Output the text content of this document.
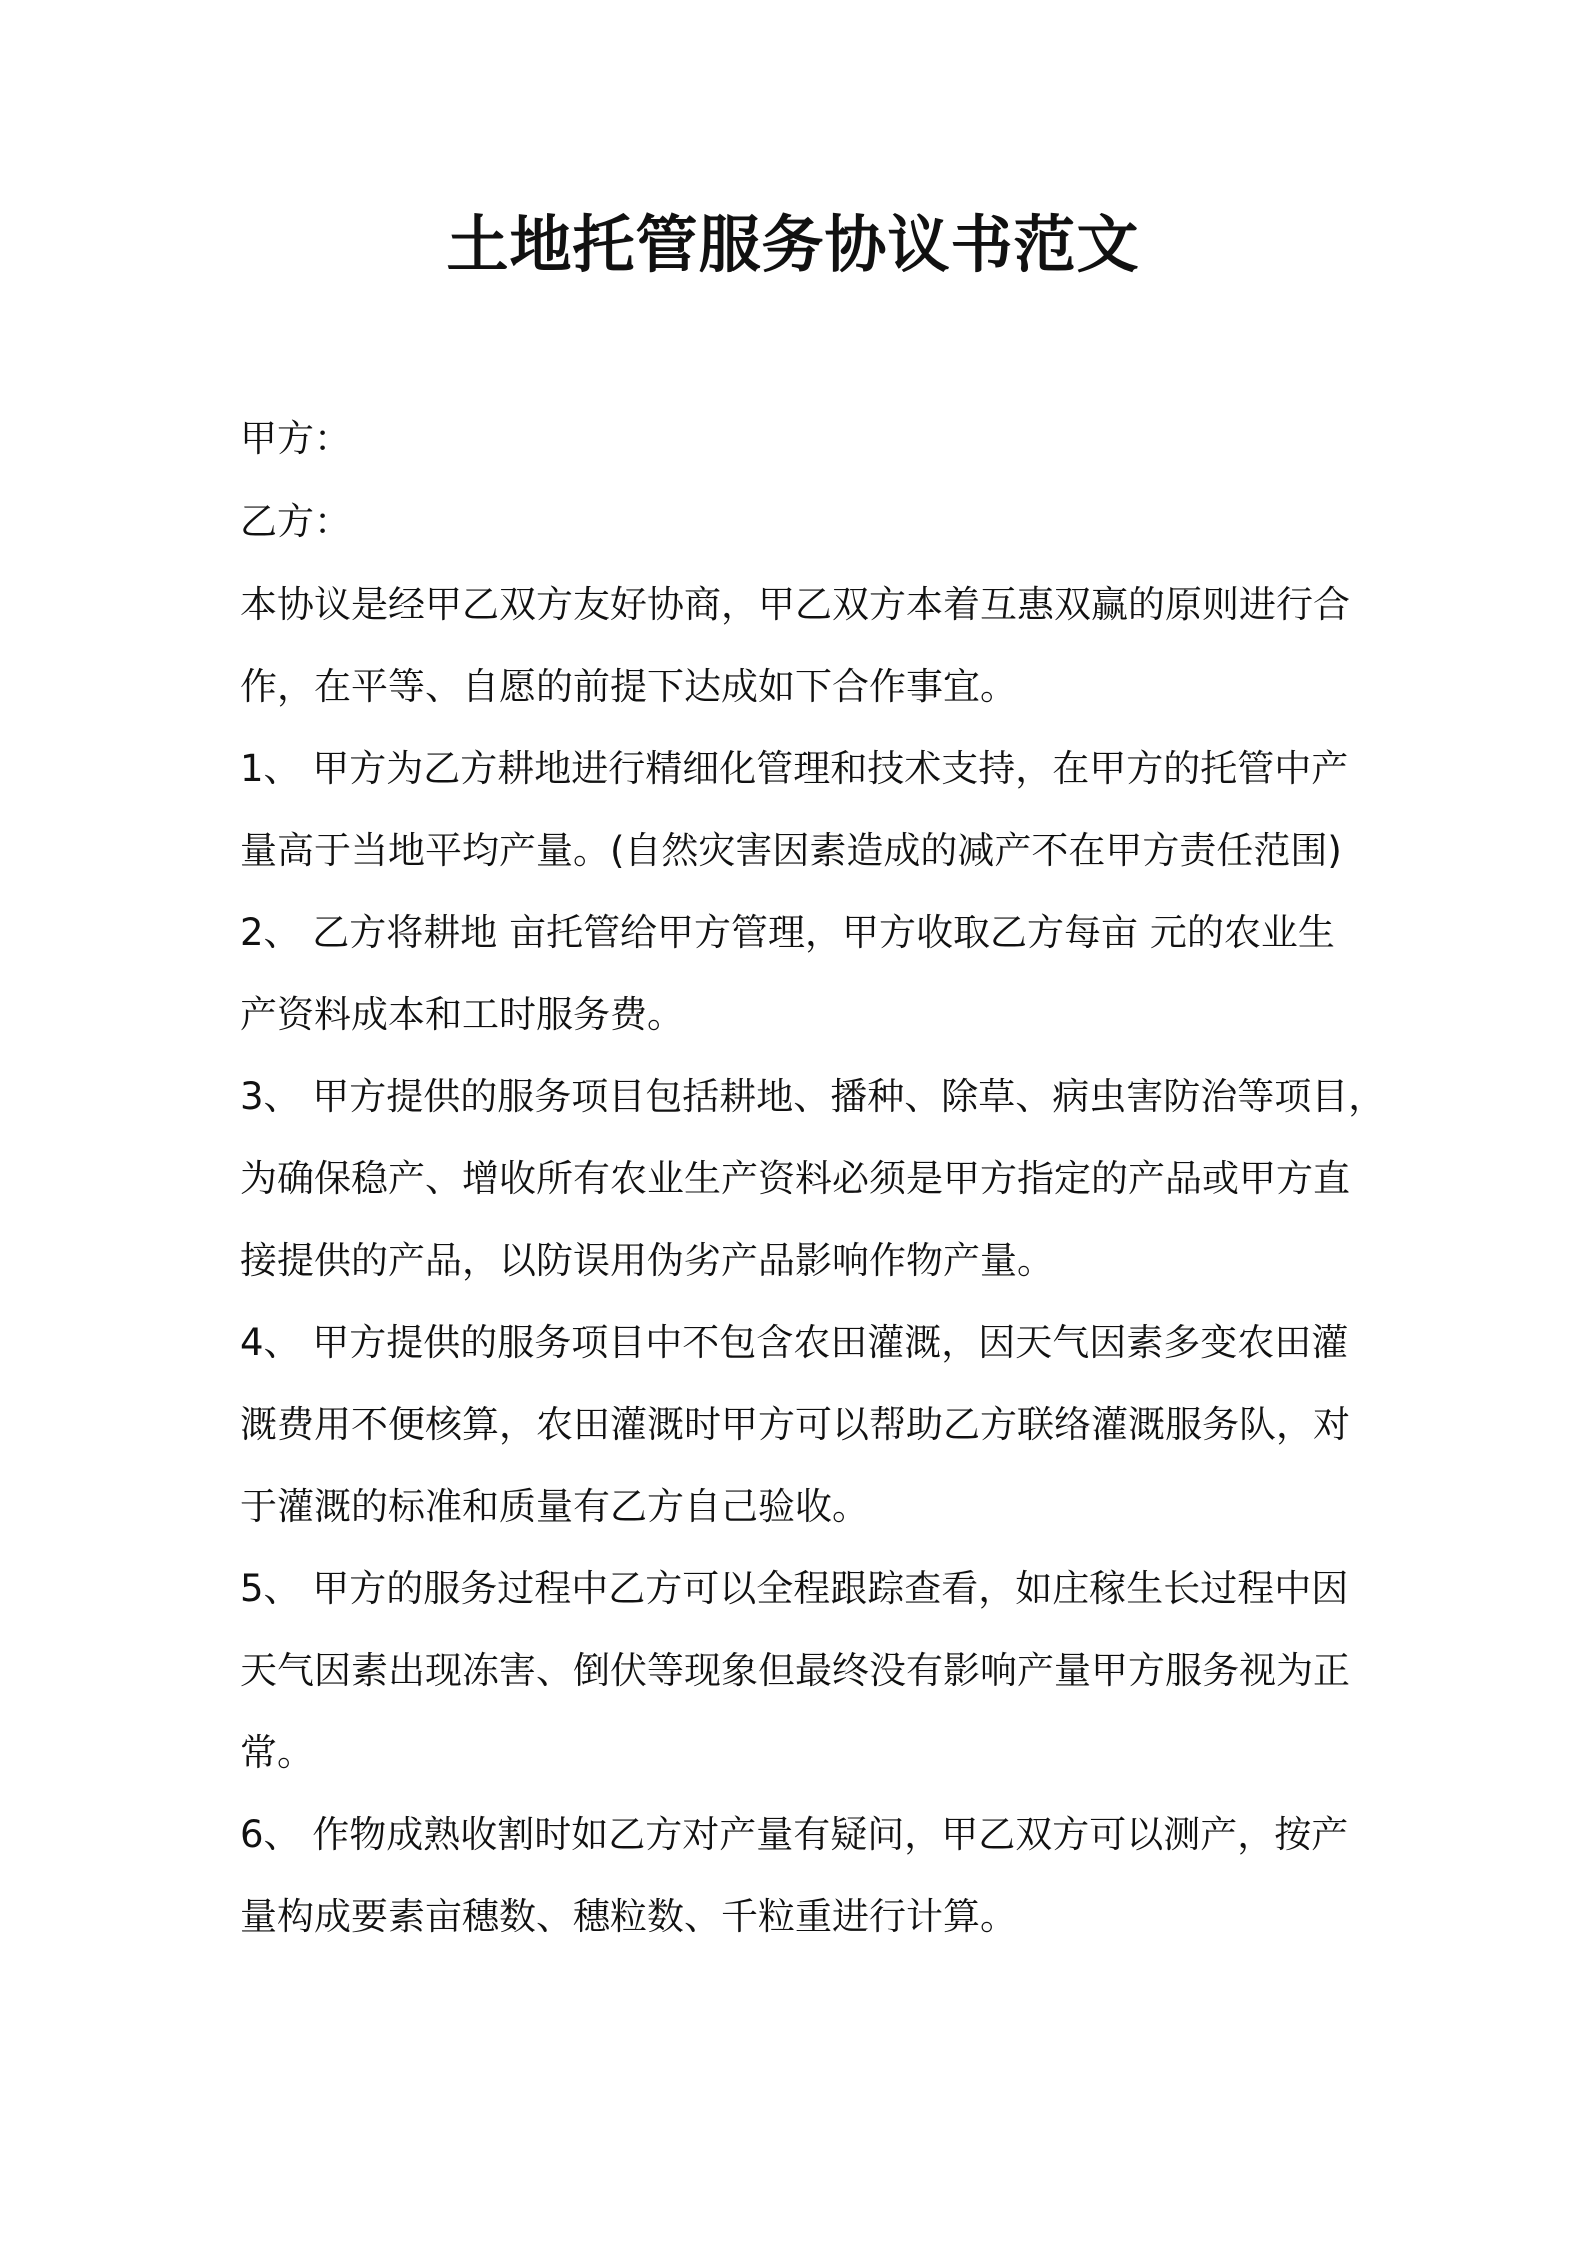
土地托管服务协议书范文
甲方：
乙方：
本协议是经甲乙双方友好协商，甲乙双方本着互惠双赢的原则进行合
作，在平等、自愿的前提下达成如下合作事宜。
1、 甲方为乙方耕地进行精细化管理和技术支持，在甲方的托管中产
量高于当地平均产量。(自然灾害因素造成的减产不在甲方责任范围)
2、 乙方将耕地 亩托管给甲方管理，甲方收取乙方每亩 元的农业生
产资料成本和工时服务费。
3、 甲方提供的服务项目包括耕地、播种、除草、病虫害防治等项目，
为确保稳产、增收所有农业生产资料必须是甲方指定的产品或甲方直
接提供的产品，以防误用伪劣产品影响作物产量。
4、 甲方提供的服务项目中不包含农田灌溉，因天气因素多变农田灌
溉费用不便核算，农田灌溉时甲方可以帮助乙方联络灌溉服务队，对
于灌溉的标准和质量有乙方自己验收。
5、 甲方的服务过程中乙方可以全程跟踪查看，如庄稼生长过程中因
天气因素出现冻害、倒伏等现象但最终没有影响产量甲方服务视为正
常。
6、 作物成熟收割时如乙方对产量有疑问，甲乙双方可以测产，按产
量构成要素亩穗数、穗粒数、千粒重进行计算。
